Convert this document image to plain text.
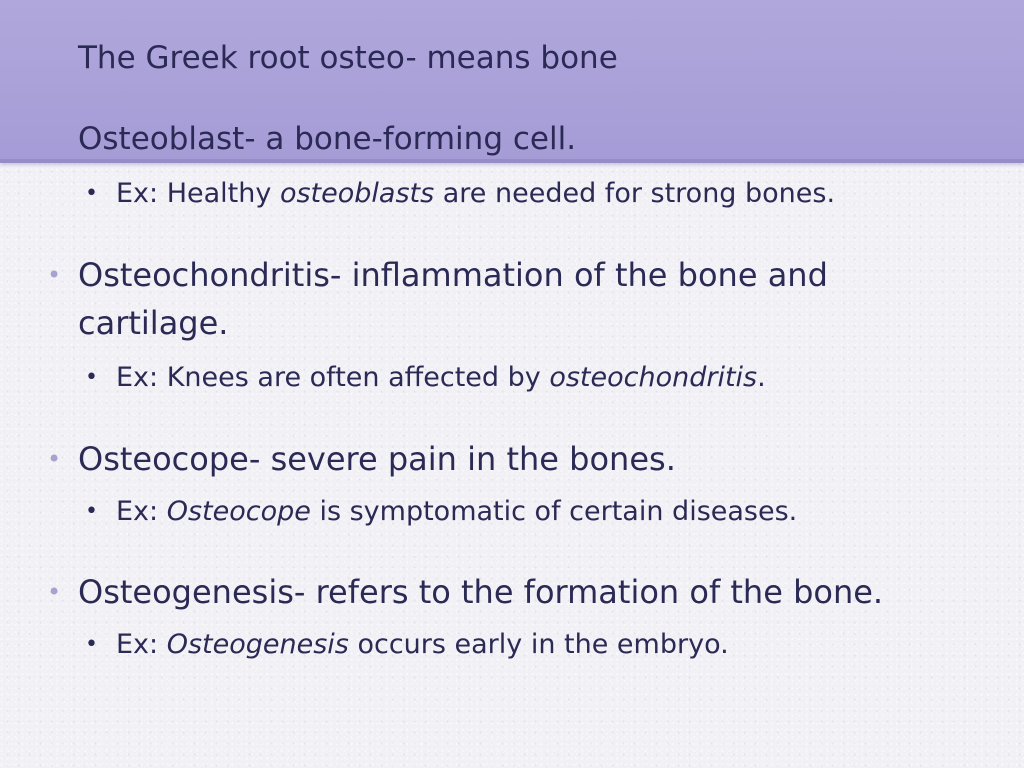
The Greek root osteo- means bone
Osteoblast- a bone-forming cell.
• Ex: Healthy osteoblasts are needed for strong bones.
• Osteochondritis- inflammation of the bone and cartilage.
• Ex: Knees are often affected by osteochondritis.
• Osteocope- severe pain in the bones.
• Ex: Osteocope is symptomatic of certain diseases.
• Osteogenesis- refers to the formation of the bone.
• Ex: Osteogenesis occurs early in the embryo.
